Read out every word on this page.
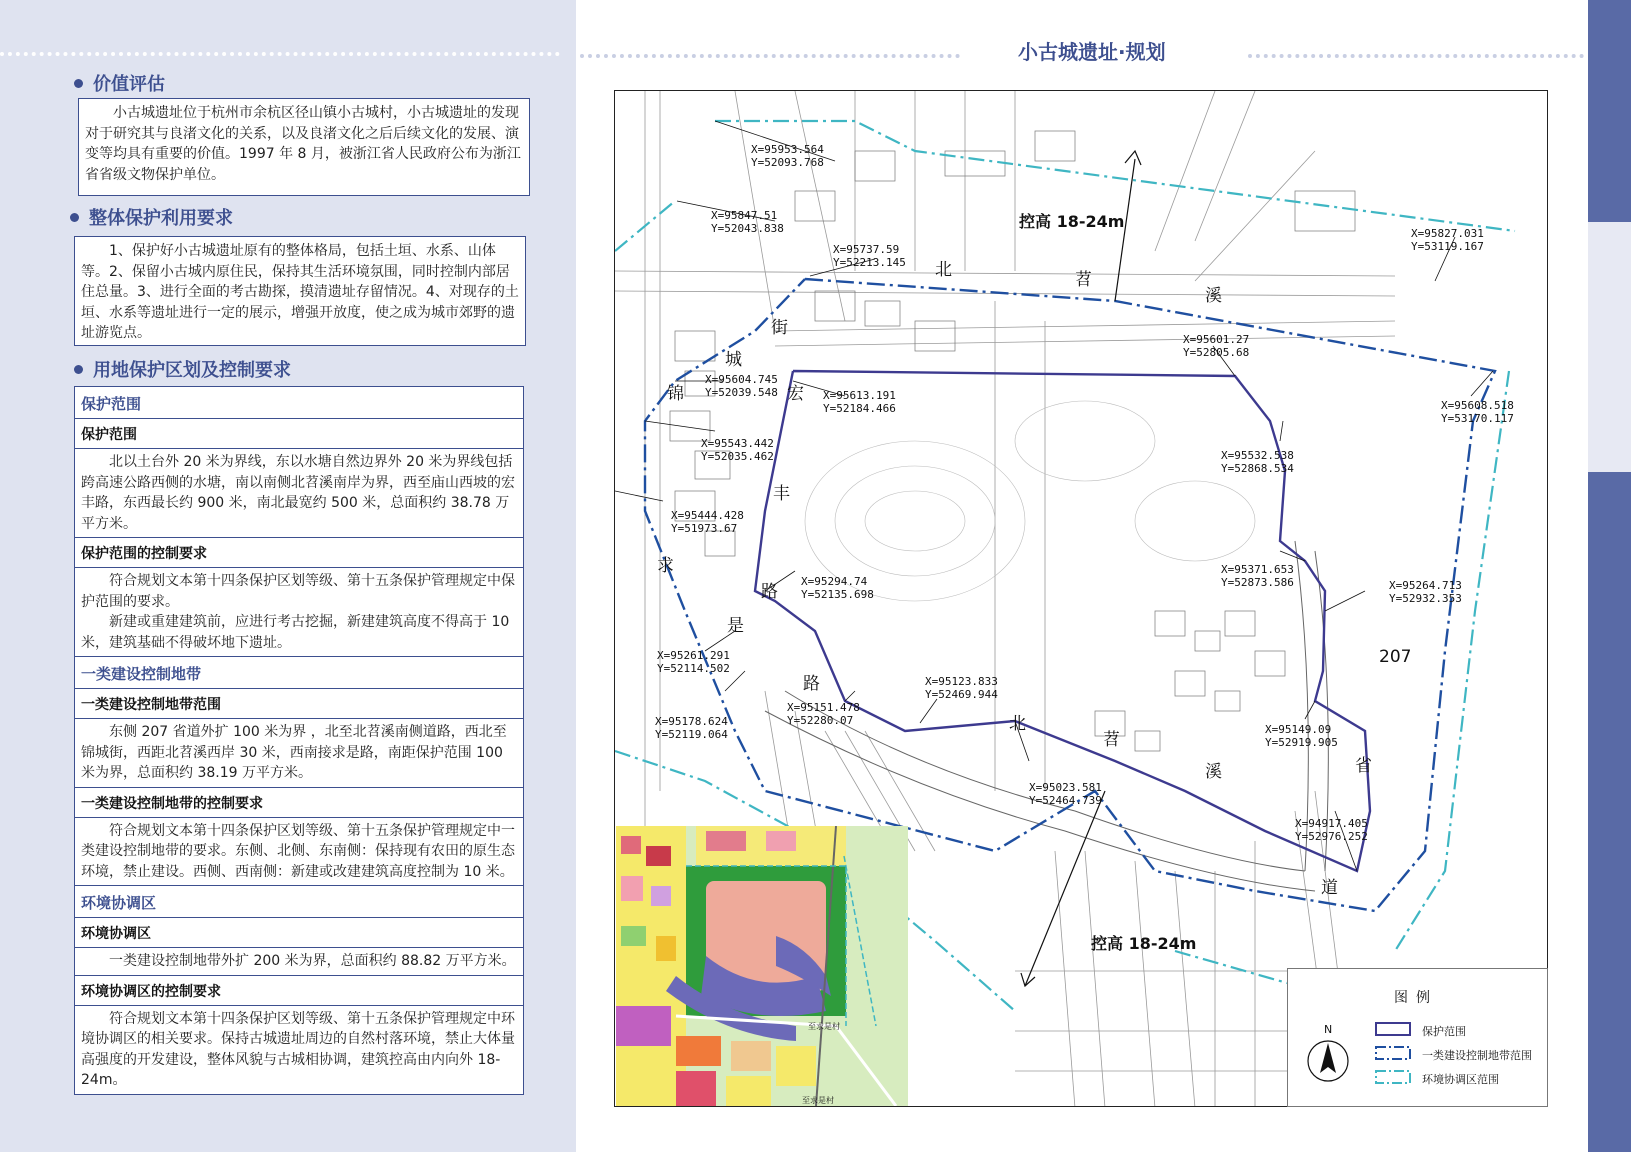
价值评估
小古城遗址位于杭州市余杭区径山镇小古城村，小古城遗址的发现对于研究其与良渚文化的关系，以及良渚文化之后后续文化的发展、演变等均具有重要的价值。1997 年 8 月，被浙江省人民政府公布为浙江省省级文物保护单位。
整体保护利用要求
1、保护好小古城遗址原有的整体格局，包括土垣、水系、山体等。2、保留小古城内原住民，保持其生活环境氛围，同时控制内部居住总量。3、进行全面的考古勘探，摸清遗址存留情况。4、对现存的土垣、水系等遗址进行一定的展示，增强开放度，使之成为城市郊野的遗址游览点。
用地保护区划及控制要求
保护范围
保护范围
北以土台外 20 米为界线，东以水塘自然边界外 20 米为界线包括跨高速公路西侧的水塘，南以南侧北苕溪南岸为界，西至庙山西坡的宏丰路，东西最长约 900 米，南北最宽约 500 米，总面积约 38.78 万平方米。
保护范围的控制要求

符合规划文本第十四条保护区划等级、第十五条保护管理规定中保护范围的要求。

新建或重建建筑前，应进行考古挖掘，新建建筑高度不得高于 10 米，建筑基础不得破坏地下遗址。

一类建设控制地带
一类建设控制地带范围
东侧 207 省道外扩 100 米为界 ，北至北苕溪南侧道路，西北至锦城街，西距北苕溪西岸 30 米，西南接求是路，南距保护范围 100 米为界，总面积约 38.19 万平方米。
一类建设控制地带的控制要求
符合规划文本第十四条保护区划等级、第十五条保护管理规定中一类建设控制地带的要求。东侧、北侧、东南侧：保持现有农田的原生态环境，禁止建设。西侧、西南侧：新建或改建建筑高度控制为 10 米。
环境协调区
环境协调区
一类建设控制地带外扩 200 米为界，总面积约 88.82 万平方米。
环境协调区的控制要求
符合规划文本第十四条保护区划等级、第十五条保护管理规定中环境协调区的相关要求。保持古城遗址周边的自然村落环境，禁止大体量高强度的开发建设，整体风貌与古城相协调，建筑控高由内向外 18-24m。
小古城遗址·规划
X=95953.564
Y=52093.768
X=95847.51
Y=52043.838
X=95737.59
Y=52213.145
X=95827.031
Y=53119.167
X=95601.27
Y=52805.68
X=95604.745
Y=52039.548	X=95613.191
Y=52184.466	X=95608.518
Y=53170.117
X=95543.442
Y=52035.462	X=95532.538
Y=52868.534
X=95444.428
Y=51973.67
X=95371.653
Y=52873.586
X=95294.74
Y=52135.698
X=95264.713
Y=52932.353
X=95261.291
Y=52114.502
X=95123.833
Y=52469.944
X=95178.624
Y=52119.064
X=95151.478
Y=52280.07
X=95149.09
Y=52919.905
X=95023.581
Y=52464.739
X=94917.405
Y=52976.252
北	苕
溪
街
城
锦	宏
丰
路
求
是
路
北
苕
溪
207
省
道
控高 18-24m
控高 18-24m
至求是村
至求是村
图例
N	保护范围
一类建设控制地带范围
环境协调区范围
